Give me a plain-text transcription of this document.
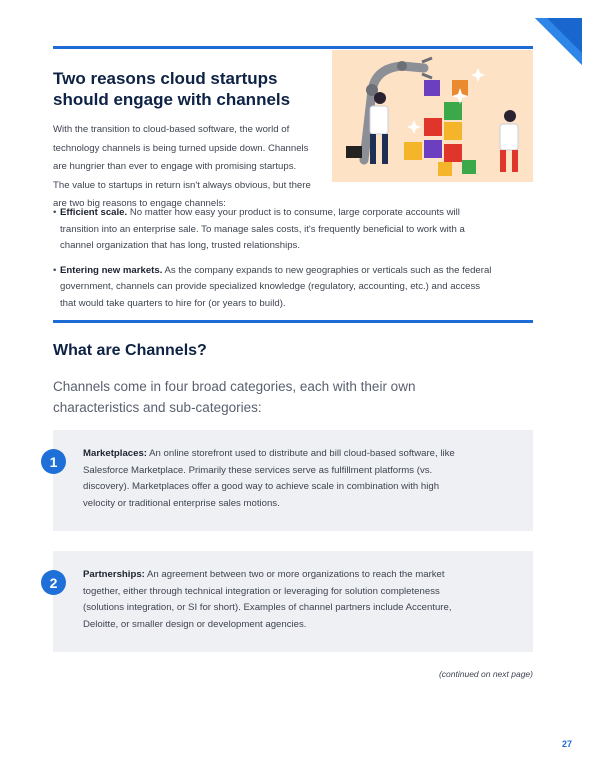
Two reasons cloud startups should engage with channels

With the transition to cloud-based software, the world of technology channels is being turned upside down. Channels are hungrier than ever to engage with promising startups. The value to startups in return isn't always obvious, but there are two big reasons to engage channels:

• Efficient scale. No matter how easy your product is to consume, large corporate accounts will transition into an enterprise sale. To manage sales costs, it's frequently beneficial to work with a channel organization that has long, trusted relationships.
• Entering new markets. As the company expands to new geographies or verticals such as the federal government, channels can provide specialized knowledge (regulatory, accounting, etc.) and access that would take quarters to hire for (or years to build).
What are Channels?

Channels come in four broad categories, each with their own characteristics and sub-categories:

1	Marketplaces: An online storefront used to distribute and bill cloud-based software, like Salesforce Marketplace. Primarily these services serve as fulfillment platforms (vs. discovery). Marketplaces offer a good way to achieve scale in combination with high velocity or traditional enterprise sales motions.

2	Partnerships: An agreement between two or more organizations to reach the market together, either through technical integration or leveraging for solution completeness (solutions integration, or SI for short). Examples of channel partners include Accenture, Deloitte, or smaller design or development agencies.

(continued on next page)

27
